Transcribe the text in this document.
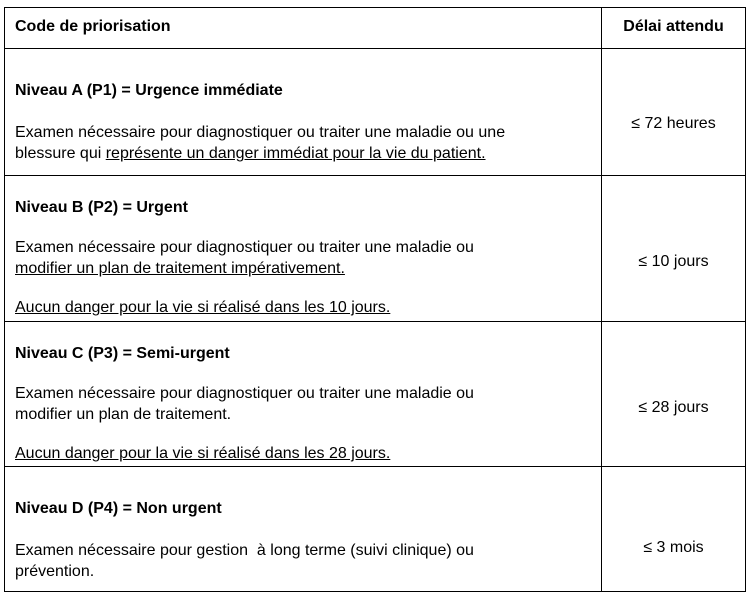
Code de priorisation	Délai attendu
Niveau A (P1) = Urgence immédiate
Examen nécessaire pour diagnostiquer ou traiter une maladie ou une
blessure qui représente un danger immédiat pour la vie du patient.
≤ 72 heures
Niveau B (P2) = Urgent
Examen nécessaire pour diagnostiquer ou traiter une maladie ou
modifier un plan de traitement impérativement.
Aucun danger pour la vie si réalisé dans les 10 jours.
≤ 10 jours
Niveau C (P3) = Semi-urgent
Examen nécessaire pour diagnostiquer ou traiter une maladie ou
modifier un plan de traitement.
Aucun danger pour la vie si réalisé dans les 28 jours.
≤ 28 jours
Niveau D (P4) = Non urgent
Examen nécessaire pour gestion  à long terme (suivi clinique) ou
prévention.
≤ 3 mois
